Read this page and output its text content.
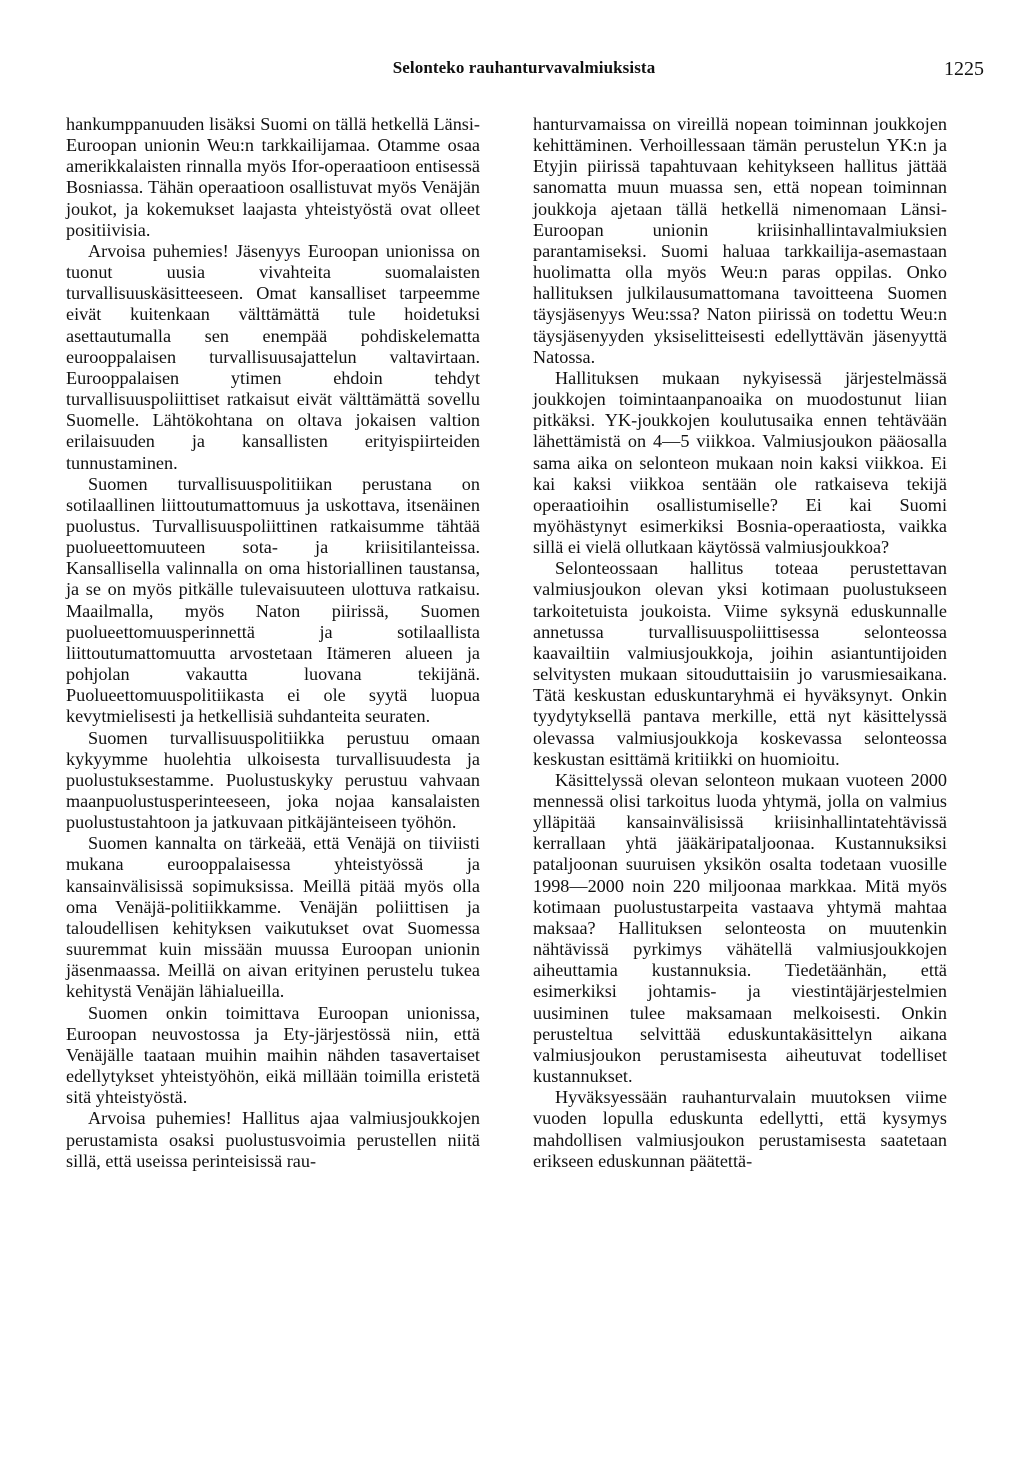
Selonteko rauhanturvavalmiuksista	1225

hankumppanuuden lisäksi Suomi on tällä hetkellä Länsi-Euroopan unionin Weu:n tarkkailijamaa. Otamme osaa amerikkalaisten rinnalla myös Ifor-operaatioon entisessä Bosniassa. Tähän operaatioon osallistuvat myös Venäjän joukot, ja kokemukset laajasta yhteistyöstä ovat olleet positiivisia.

Arvoisa puhemies! Jäsenyys Euroopan unionissa on tuonut uusia vivahteita suomalaisten turvallisuuskäsitteeseen. Omat kansalliset tarpeemme eivät kuitenkaan välttämättä tule hoidetuksi asettautumalla sen enempää pohdiskelematta eurooppalaisen turvallisuusajattelun valtavirtaan. Eurooppalaisen ytimen ehdoin tehdyt turvallisuuspoliittiset ratkaisut eivät välttämättä sovellu Suomelle. Lähtökohtana on oltava jokaisen valtion erilaisuuden ja kansallisten erityispiirteiden tunnustaminen.

Suomen turvallisuuspolitiikan perustana on sotilaallinen liittoutumattomuus ja uskottava, itsenäinen puolustus. Turvallisuuspoliittinen ratkaisumme tähtää puolueettomuuteen sota- ja kriisitilanteissa. Kansallisella valinnalla on oma historiallinen taustansa, ja se on myös pitkälle tulevaisuuteen ulottuva ratkaisu. Maailmalla, myös Naton piirissä, Suomen puolueettomuusperinnettä ja sotilaallista liittoutumattomuutta arvostetaan Itämeren alueen ja pohjolan vakautta luovana tekijänä. Puolueettomuuspolitiikasta ei ole syytä luopua kevytmielisesti ja hetkellisiä suhdanteita seuraten.

Suomen turvallisuuspolitiikka perustuu omaan kykyymme huolehtia ulkoisesta turvallisuudesta ja puolustuksestamme. Puolustuskyky perustuu vahvaan maanpuolustusperinteeseen, joka nojaa kansalaisten puolustustahtoon ja jatkuvaan pitkäjänteiseen työhön.

Suomen kannalta on tärkeää, että Venäjä on tiiviisti mukana eurooppalaisessa yhteistyössä ja kansainvälisissä sopimuksissa. Meillä pitää myös olla oma Venäjä-politiikkamme. Venäjän poliittisen ja taloudellisen kehityksen vaikutukset ovat Suomessa suuremmat kuin missään muussa Euroopan unionin jäsenmaassa. Meillä on aivan erityinen perustelu tukea kehitystä Venäjän lähialueilla.

Suomen onkin toimittava Euroopan unionissa, Euroopan neuvostossa ja Ety-järjestössä niin, että Venäjälle taataan muihin maihin nähden tasavertaiset edellytykset yhteistyöhön, eikä millään toimilla eristetä sitä yhteistyöstä.

Arvoisa puhemies! Hallitus ajaa valmiusjoukkojen perustamista osaksi puolustusvoimia perustellen niitä sillä, että useissa perinteisissä rau-

hanturvamaissa on vireillä nopean toiminnan joukkojen kehittäminen. Verhoillessaan tämän perustelun YK:n ja Etyjin piirissä tapahtuvaan kehitykseen hallitus jättää sanomatta muun muassa sen, että nopean toiminnan joukkoja ajetaan tällä hetkellä nimenomaan Länsi-Euroopan unionin kriisinhallintavalmiuksien parantamiseksi. Suomi haluaa tarkkailija-asemastaan huolimatta olla myös Weu:n paras oppilas. Onko hallituksen julkilausumattomana tavoitteena Suomen täysjäsenyys Weu:ssa? Naton piirissä on todettu Weu:n täysjäsenyyden yksiselitteisesti edellyttävän jäsenyyttä Natossa.

Hallituksen mukaan nykyisessä järjestelmässä joukkojen toimintaanpanoaika on muodostunut liian pitkäksi. YK-joukkojen koulutusaika ennen tehtävään lähettämistä on 4—5 viikkoa. Valmiusjoukon pääosalla sama aika on selonteon mukaan noin kaksi viikkoa. Ei kai kaksi viikkoa sentään ole ratkaiseva tekijä operaatioihin osallistumiselle? Ei kai Suomi myöhästynyt esimerkiksi Bosnia-operaatiosta, vaikka sillä ei vielä ollutkaan käytössä valmiusjoukkoa?

Selonteossaan hallitus toteaa perustettavan valmiusjoukon olevan yksi kotimaan puolustukseen tarkoitetuista joukoista. Viime syksynä eduskunnalle annetussa turvallisuuspoliittisessa selonteossa kaavailtiin valmiusjoukkoja, joihin asiantuntijoiden selvitysten mukaan sitouduttaisiin jo varusmiesaikana. Tätä keskustan eduskuntaryhmä ei hyväksynyt. Onkin tyydytyksellä pantava merkille, että nyt käsittelyssä olevassa valmiusjoukkoja koskevassa selonteossa keskustan esittämä kritiikki on huomioitu.

Käsittelyssä olevan selonteon mukaan vuoteen 2000 mennessä olisi tarkoitus luoda yhtymä, jolla on valmius ylläpitää kansainvälisissä kriisinhallintatehtävissä kerrallaan yhtä jääkäripataljoonaa. Kustannuksiksi pataljoonan suuruisen yksikön osalta todetaan vuosille 1998—2000 noin 220 miljoonaa markkaa. Mitä myös kotimaan puolustustarpeita vastaava yhtymä mahtaa maksaa? Hallituksen selonteosta on muutenkin nähtävissä pyrkimys vähätellä valmiusjoukkojen aiheuttamia kustannuksia. Tiedetäänhän, että esimerkiksi johtamis- ja viestintäjärjestelmien uusiminen tulee maksamaan melkoisesti. Onkin perusteltua selvittää eduskuntakäsittelyn aikana valmiusjoukon perustamisesta aiheutuvat todelliset kustannukset.

Hyväksyessään rauhanturvalain muutoksen viime vuoden lopulla eduskunta edellytti, että kysymys mahdollisen valmiusjoukon perustamisesta saatetaan erikseen eduskunnan päätettä-
